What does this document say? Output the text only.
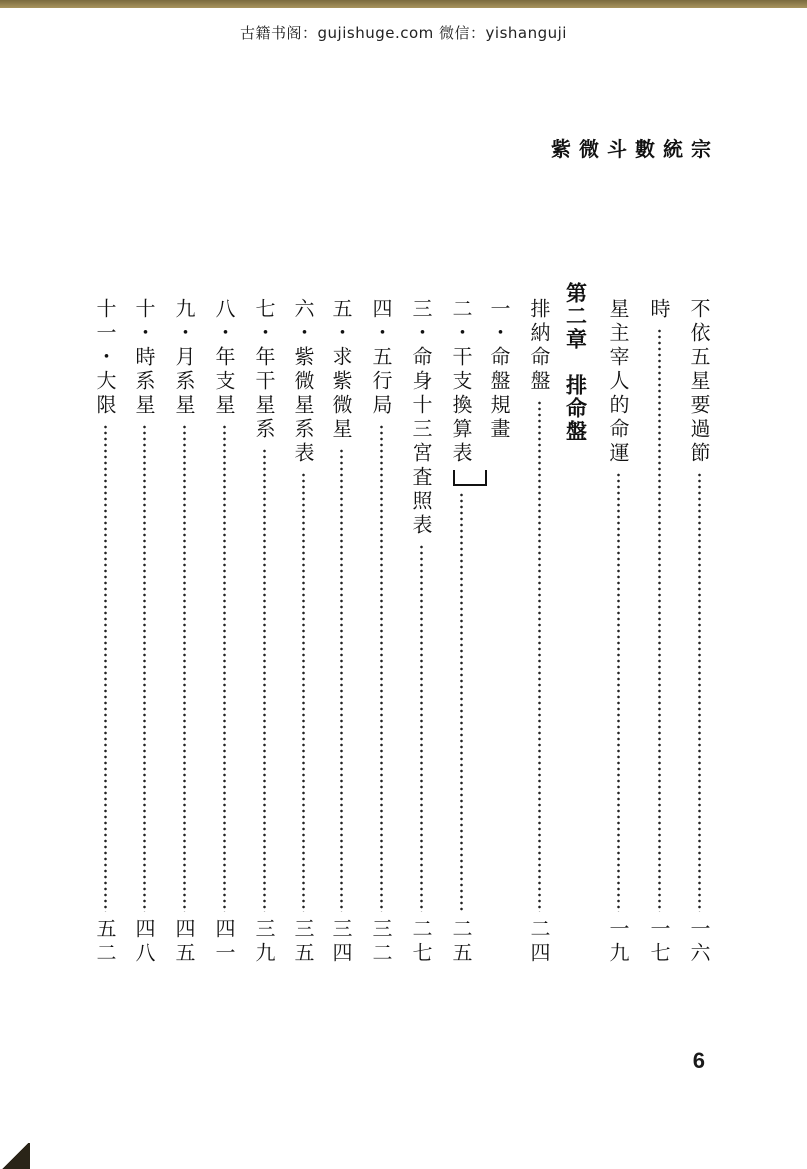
古籍书阁：gujishuge.com 微信：yishanguji
紫微斗數統宗
不依五星要過節
一六
時
一七
星主宰人的命運
一九
第二章　排命盤
排納命盤
二四
一・命盤規畫
二・干支換算表
二五
三・命身十三宮査照表
二七
四・五行局
三二
五・求紫微星
三四
六・紫微星系表
三五
七・年干星系
三九
八・年支星
四一
九・月系星
四五
十・時系星
四八
十一・大限
五二
6
